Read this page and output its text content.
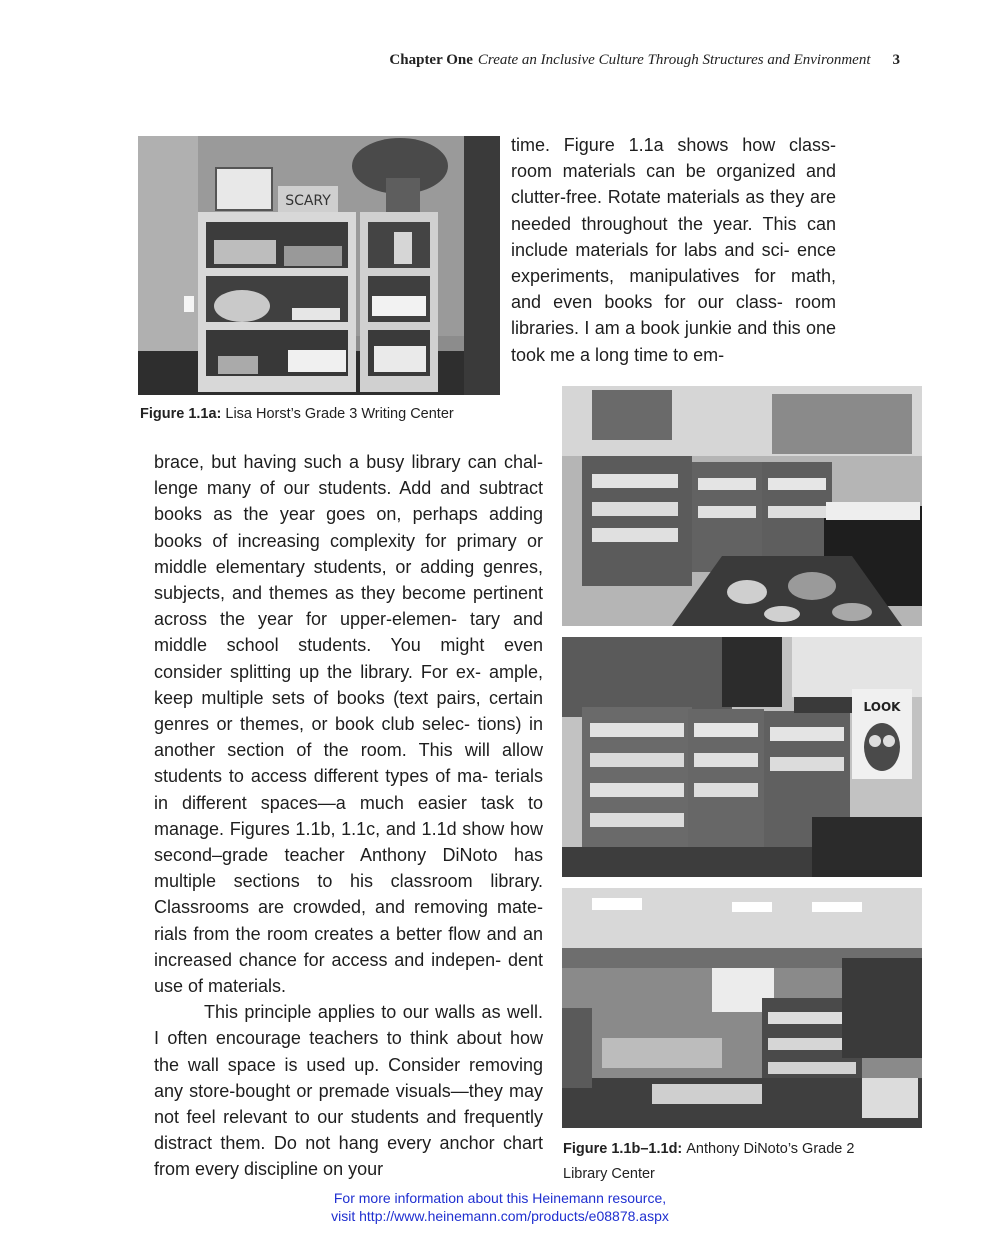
Chapter One Create an Inclusive Culture Through Structures and Environment 3
SCARY
Figure 1.1a: Lisa Horst’s Grade 3 Writing Center

time. Figure 1.1a shows how class- room materials can be organized and clutter-free. Rotate materials as they are needed throughout the year. This can include materials for labs and sci- ence experiments, manipulatives for math, and even books for our class- room libraries. I am a book junkie and this one took me a long time to em-

LOOK
Figure 1.1b–1.1d: Anthony DiNoto’s Grade 2
Library Center

brace, but having such a busy library can chal- lenge many of our students. Add and subtract books as the year goes on, perhaps adding books of increasing complexity for primary or middle elementary students, or adding genres, subjects, and themes as they become pertinent across the year for upper-elemen- tary and middle school students. You might even consider splitting up the library. For ex- ample, keep multiple sets of books (text pairs, certain genres or themes, or book club selec- tions) in another section of the room. This will allow students to access different types of ma- terials in different spaces—a much easier task to manage. Figures 1.1b, 1.1c, and 1.1d show how second–grade teacher Anthony DiNoto has multiple sections to his classroom library. Classrooms are crowded, and removing mate- rials from the room creates a better flow and an increased chance for access and indepen- dent use of materials.

This principle applies to our walls as well. I often encourage teachers to think about how the wall space is used up. Consider removing any store-bought or premade visuals—they may not feel relevant to our students and frequently distract them. Do not hang every anchor chart from every discipline on your

For more information about this Heinemann resource,
visit http://www.heinemann.com/products/e08878.aspx
